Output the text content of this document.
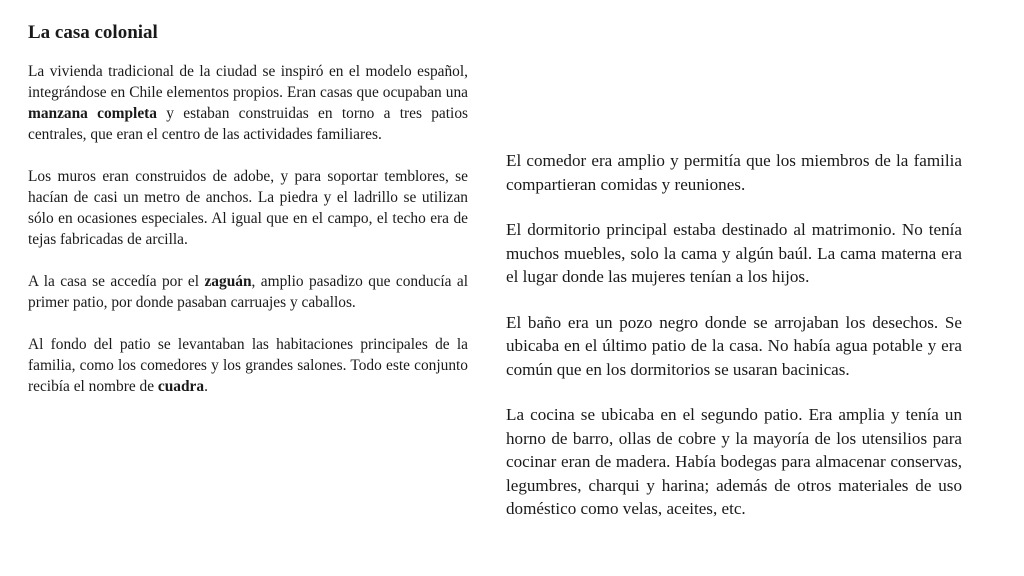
La casa colonial

La vivienda tradicional de la ciudad se inspiró en el modelo español, integrándose en Chile elementos propios. Eran casas que ocupaban una manzana completa y estaban construidas en torno a tres patios centrales, que eran el centro de las actividades familiares.

Los muros eran construidos de adobe, y para soportar temblores, se hacían de casi un metro de anchos. La piedra y el ladrillo se utilizan sólo en ocasiones especiales. Al igual que en el campo, el techo era de tejas fabricadas de arcilla.

A la casa se accedía por el zaguán, amplio pasadizo que conducía al primer patio, por donde pasaban carruajes y caballos.

Al fondo del patio se levantaban las habitaciones principales de la familia, como los comedores y los grandes salones. Todo este conjunto recibía el nombre de cuadra.

El comedor era amplio y permitía que los miembros de la familia compartieran comidas y reuniones.

El dormitorio principal estaba destinado al matrimonio. No tenía muchos muebles, solo la cama y algún baúl. La cama materna era el lugar donde las mujeres tenían a los hijos.

El baño era un pozo negro donde se arrojaban los desechos. Se ubicaba en el último patio de la casa. No había agua potable y era común que en los dormitorios se usaran bacinicas.

La cocina se ubicaba en el segundo patio. Era amplia y tenía un horno de barro, ollas de cobre y la mayoría de los utensilios para cocinar eran de madera. Había bodegas para almacenar conservas, legumbres, charqui y harina; además de otros materiales de uso doméstico como velas, aceites, etc.
